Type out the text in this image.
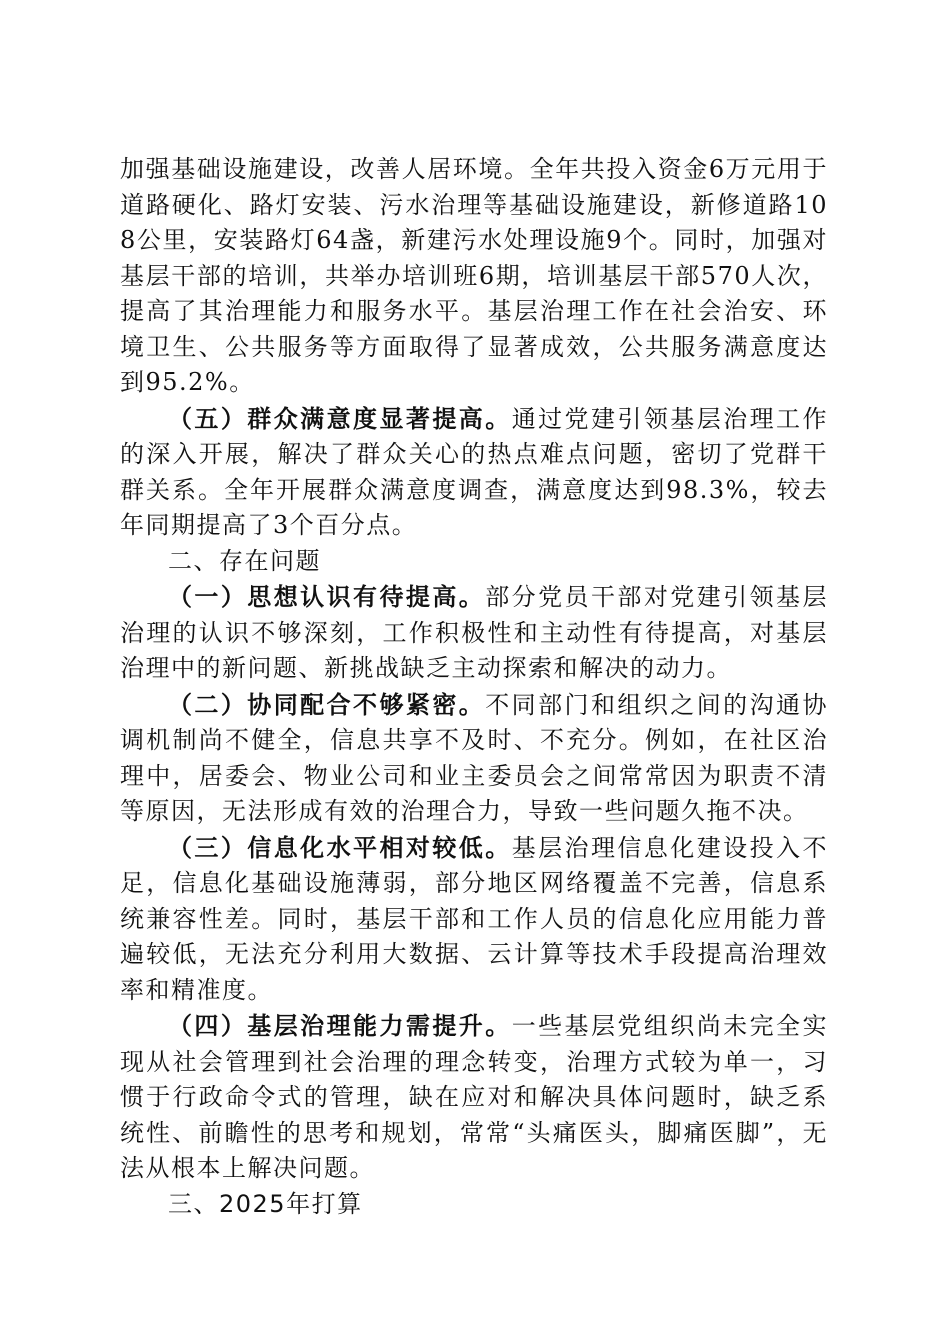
加强基础设施建设，改善人居环境。全年共投入资金6万元用于道路硬化、路灯安装、污水治理等基础设施建设，新修道路108公里，安装路灯64盏，新建污水处理设施9个。同时，加强对基层干部的培训，共举办培训班6期，培训基层干部570人次，提高了其治理能力和服务水平。基层治理工作在社会治安、环境卫生、公共服务等方面取得了显著成效，公共服务满意度达到95.2%。

（五）群众满意度显著提高。通过党建引领基层治理工作的深入开展，解决了群众关心的热点难点问题，密切了党群干群关系。全年开展群众满意度调查，满意度达到98.3%，较去年同期提高了3个百分点。

二、存在问题

（一）思想认识有待提高。部分党员干部对党建引领基层治理的认识不够深刻，工作积极性和主动性有待提高，对基层治理中的新问题、新挑战缺乏主动探索和解决的动力。

（二）协同配合不够紧密。不同部门和组织之间的沟通协调机制尚不健全，信息共享不及时、不充分。例如，在社区治理中，居委会、物业公司和业主委员会之间常常因为职责不清等原因，无法形成有效的治理合力，导致一些问题久拖不决。

（三）信息化水平相对较低。基层治理信息化建设投入不足，信息化基础设施薄弱，部分地区网络覆盖不完善，信息系统兼容性差。同时，基层干部和工作人员的信息化应用能力普遍较低，无法充分利用大数据、云计算等技术手段提高治理效率和精准度。

（四）基层治理能力需提升。一些基层党组织尚未完全实现从社会管理到社会治理的理念转变，治理方式较为单一，习惯于行政命令式的管理，缺在应对和解决具体问题时，缺乏系统性、前瞻性的思考和规划，常常“头痛医头，脚痛医脚”，无法从根本上解决问题。

三、2025年打算
